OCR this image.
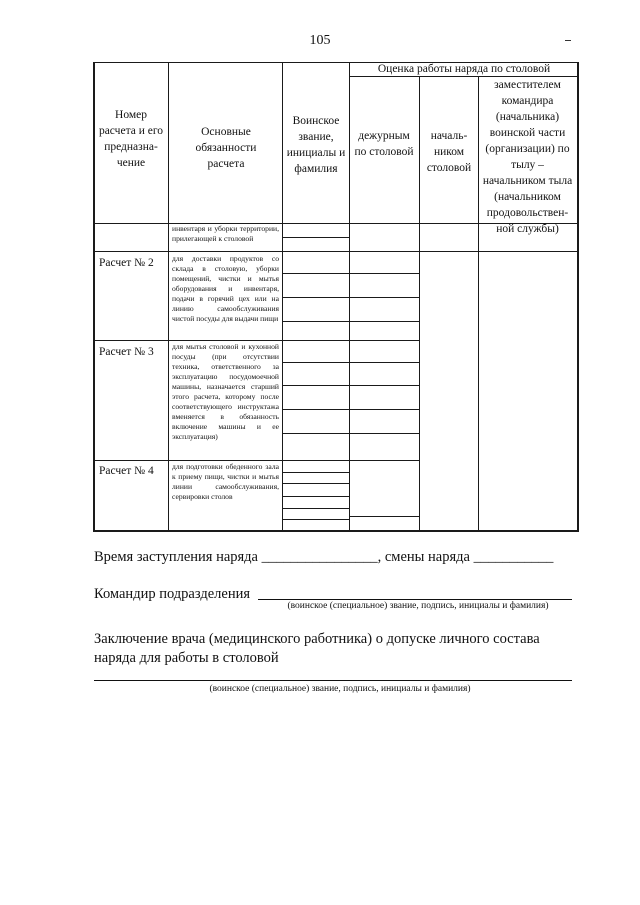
105
Номер расчета и его предназна-чение
Основные обязанности расчета
Воинское звание, инициалы и фамилия
Оценка работы наряда по столовой
дежурным по столовой
началь-ником столовой
заместителем командира (начальника) воинской части (организации) по тылу – начальником тыла (начальником продовольствен-ной службы)
инвентаря и уборки территории, прилегающей к столовой
Расчет № 2 для доставки продуктов со склада в столовую, уборки помещений, чистки и мытья оборудования и инвентаря, подачи в горячий цех или на линию самообслуживания чистой посуды для выдачи пищи
Расчет № 3 для мытья столовой и кухонной посуды (при отсутствии техника, ответственного за эксплуатацию посудомоечной машины, назначается старший этого расчета, которому после соответствующего инструктажа вменяется в обязанность включение машины и ее эксплуатация)
Расчет № 4 для подготовки обеденного зала к приему пищи, чистки и мытья линии самообслуживания, сервировки столов
Время заступления наряда ________________, смены наряда ___________
Командир подразделения
(воинское (специальное) звание, подпись, инициалы и фамилия)
Заключение врача (медицинского работника) о допуске личного состава
наряда для работы в столовой
(воинское (специальное) звание, подпись, инициалы и фамилия)
